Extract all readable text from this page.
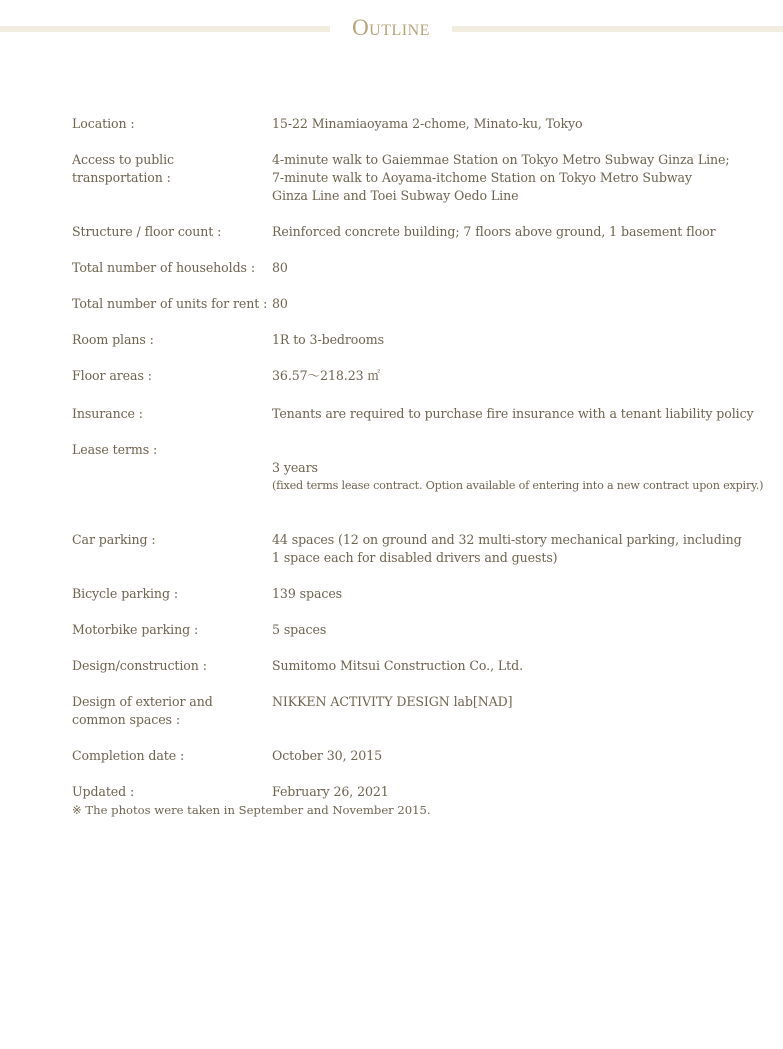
Outline
Location :	15-22 Minamiaoyama 2-chome, Minato-ku, Tokyo
Access to public
transportation :
4-minute walk to Gaiemmae Station on Tokyo Metro Subway Ginza Line;
7-minute walk to Aoyama-itchome Station on Tokyo Metro Subway
Ginza Line and Toei Subway Oedo Line
Structure / floor count :	Reinforced concrete building; 7 floors above ground, 1 basement floor
Total number of households :	80
Total number of units for rent : 80
Room plans :	1R to 3-bedrooms
Floor areas :	36.57～218.23 ㎡
Insurance :	Tenants are required to purchase fire insurance with a tenant liability policy
Lease terms :

3 years

(fixed terms lease contract. Option available of entering into a new contract upon expiry.)

Car parking :	44 spaces (12 on ground and 32 multi-story mechanical parking, including
1 space each for disabled drivers and guests)
Bicycle parking :	139 spaces
Motorbike parking :	5 spaces
Design/construction :	Sumitomo Mitsui Construction Co., Ltd.
Design of exterior and
common spaces :
NIKKEN ACTIVITY DESIGN lab[NAD]
Completion date :	October 30, 2015
Updated :	February 26, 2021
※ The photos were taken in September and November 2015.
